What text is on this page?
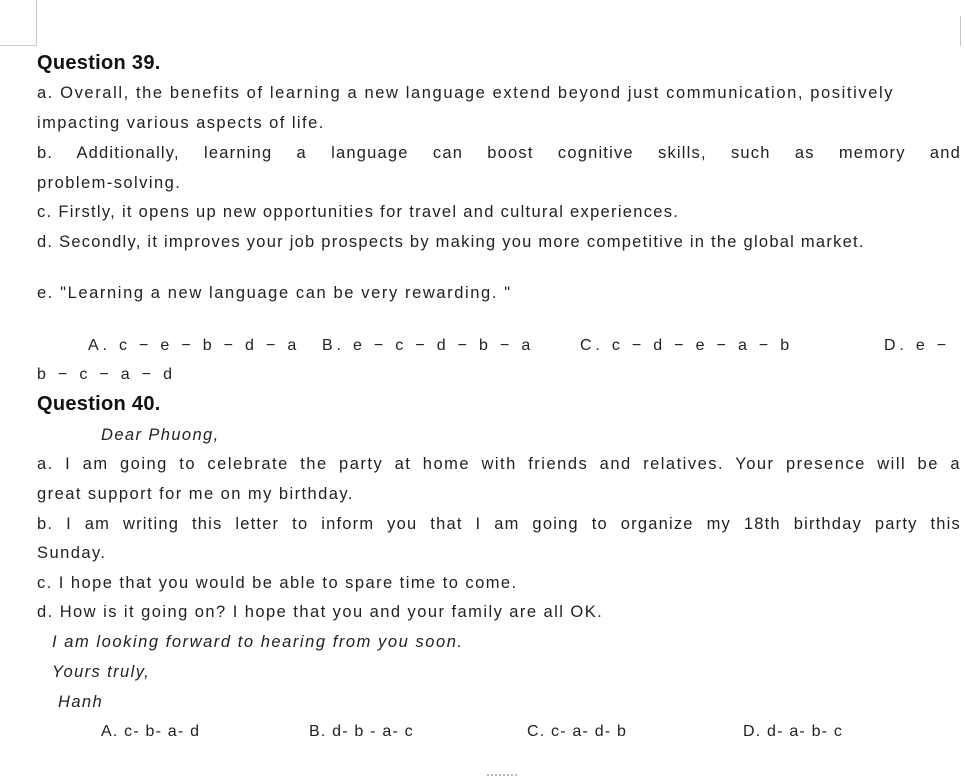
Question 39.
a. Overall, the benefits of learning a new language extend beyond just communication, positively
impacting various aspects of life.
b. Additionally, learning a language can boost cognitive skills, such as memory and
problem-solving.
c. Firstly, it opens up new opportunities for travel and cultural experiences.
d. Secondly, it improves your job prospects by making you more competitive in the global market.
e. "Learning a new language can be very rewarding. "
A. c − e − b − d − a B. e − c − d − b − a	C. c − d − e − a − b	D. e −
b − c − a − d
Question 40.
Dear Phuong,
a. I am going to celebrate the party at home with friends and relatives. Your presence will be a
great support for me on my birthday.
b. I am writing this letter to inform you that I am going to organize my 18th birthday party this
Sunday.
c. I hope that you would be able to spare time to come.
d. How is it going on? I hope that you and your family are all OK.
I am looking forward to hearing from you soon.
Yours truly,
Hanh
A. c- b- a- d	B. d- b - a- c	C. c- a- d- b	D. d- a- b- c
